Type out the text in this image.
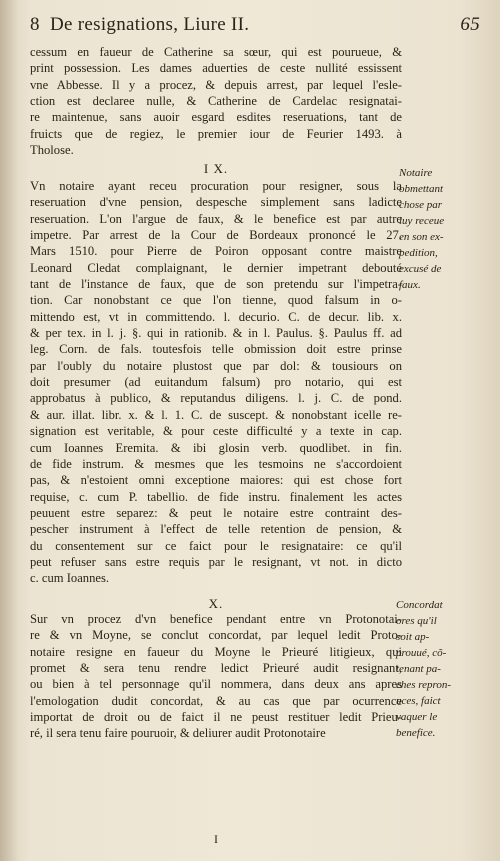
8 De resignations, Liure II.	65
cessum en faueur de Catherine sa sœur, qui est pourueue, &
print possession. Les dames aduerties de ceste nullité essissent
vne Abbesse. Il y a procez, & depuis arrest, par lequel l'esle-
ction est declaree nulle, & Catherine de Cardelac resignatai-
re maintenue, sans auoir esgard esdites reseruations, tant de
fruicts que de regiez, le premier iour de Feurier 1493. à
Tholose.
I X.
Vn notaire ayant receu procuration pour resigner, sous la
reseruation d'vne pension, despesche simplement sans ladicte
reseruation. L'on l'argue de faux, & le benefice est par autre
impetre. Par arrest de la Cour de Bordeaux prononcé le 27.
Mars 1510. pour Pierre de Poiron opposant contre maistre
Leonard Cledat complaignant, le dernier impetrant debouté
tant de l'instance de faux, que de son pretendu sur l'impetra-
tion. Car nonobstant ce que l'on tienne, quod falsum in o-
mittendo est, vt in committendo. l. decurio. C. de decur. lib. x.
& per tex. in l. j. §. qui in rationib. & in l. Paulus. §. Paulus ff. ad
leg. Corn. de fals. toutesfois telle obmission doit estre prinse
par l'oubly du notaire plustost que par dol: & tousiours on
doit presumer (ad euitandum falsum) pro notario, qui est
approbatus à publico, & reputandus diligens. l. j. C. de pond.
& aur. illat. libr. x. & l. 1. C. de suscept. & nonobstant icelle re-
signation est veritable, & pour ceste difficulté y a texte in cap.
cum Ioannes Eremita. & ibi glosin verb. quodlibet. in fin.
de fide instrum. & mesmes que les tesmoins ne s'accordoient
pas, & n'estoient omni exceptione maiores: qui est chose fort
requise, c. cum P. tabellio. de fide instru. finalement les actes
peuuent estre separez: & peut le notaire estre contraint des-
pescher instrument à l'effect de telle retention de pension, &
du consentement sur ce faict pour le resignataire: ce qu'il
peut refuser sans estre requis par le resignant, vt not. in dicto
c. cum Ioannes.
Notaire
obmettant
chose par
luy receue
en son ex-
pedition,
excusé de
faux.
X.
Sur vn procez d'vn benefice pendant entre vn Protonotai-
re & vn Moyne, se conclut concordat, par lequel ledit Proto-
notaire resigne en faueur du Moyne le Prieuré litigieux, qui
promet & sera tenu rendre ledict Prieuré audit resignant,
ou bien à tel personnage qu'il nommera, dans deux ans apres
l'emologation dudit concordat, & au cas que par ocurrence
importat de droit ou de faict il ne peust restituer ledit Prieu-
ré, il sera tenu faire pouruoir, & deliurer audit Protonotaire
Concordat
ores qu'il
soit ap-
prouué, cõ-
tenant pa-
ches repron-
uces, faict
vaquer le
benefice.
I
